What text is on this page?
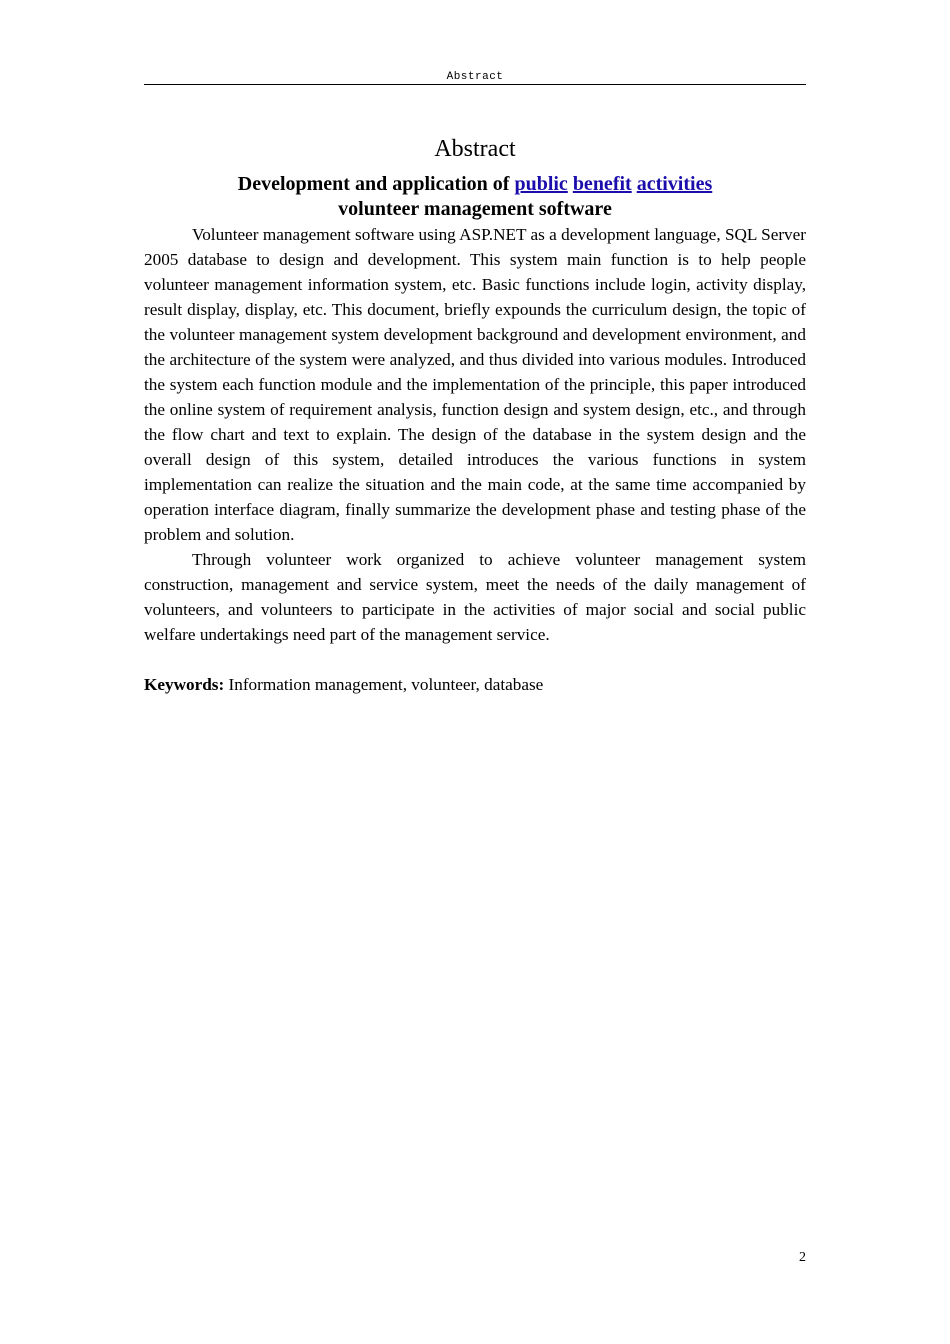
Abstract
Abstract

Development and application of public benefit activities
volunteer management software

Volunteer management software using ASP.NET as a development language, SQL Server 2005 database to design and development. This system main function is to help people volunteer management information system, etc. Basic functions include login, activity display, result display, display, etc. This document, briefly expounds the curriculum design, the topic of the volunteer management system development background and development environment, and the architecture of the system were analyzed, and thus divided into various modules. Introduced the system each function module and the implementation of the principle, this paper introduced the online system of requirement analysis, function design and system design, etc., and through the flow chart and text to explain. The design of the database in the system design and the overall design of this system, detailed introduces the various functions in system implementation can realize the situation and the main code, at the same time accompanied by operation interface diagram, finally summarize the development phase and testing phase of the problem and solution.

Through volunteer work organized to achieve volunteer management system construction, management and service system, meet the needs of the daily management of volunteers, and volunteers to participate in the activities of major social and social public welfare undertakings need part of the management service.

Keywords: Information management, volunteer, database

2
